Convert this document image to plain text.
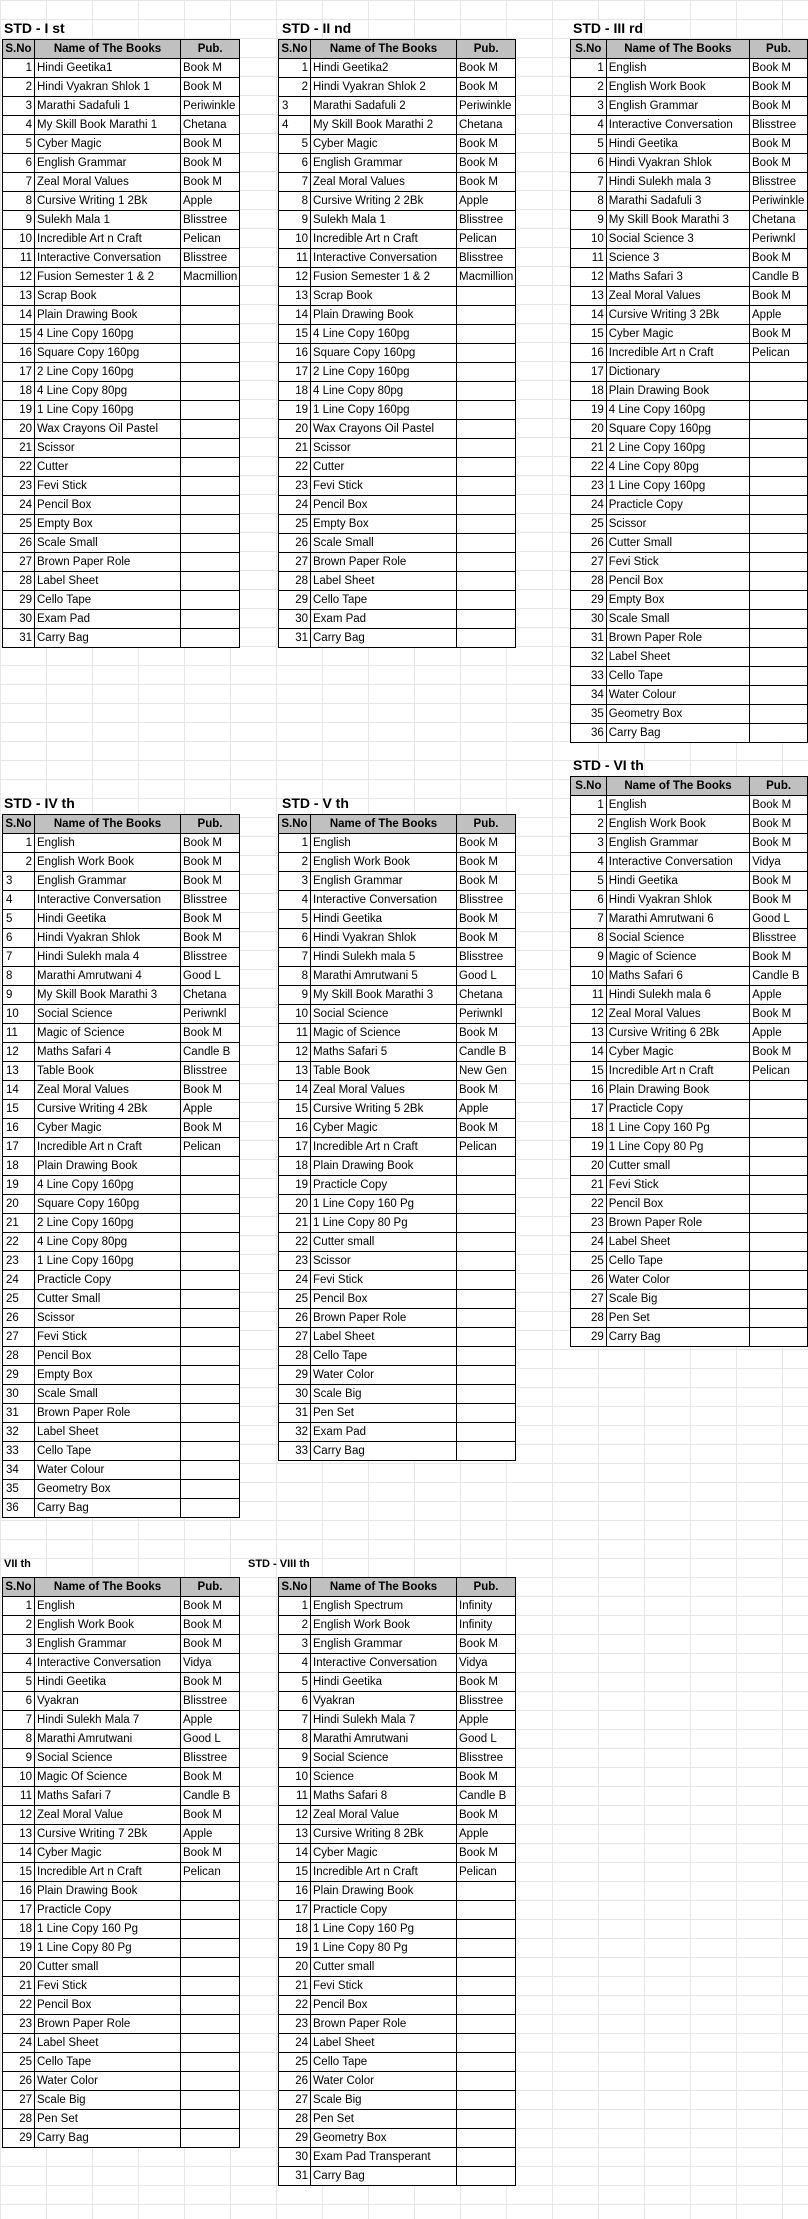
STD - I st
S.No	Name of The Books	Pub.
1	Hindi Geetika1	Book M
2	Hindi Vyakran Shlok 1	Book M
3	Marathi Sadafuli 1	Periwinkle
4	My Skill Book Marathi 1	Chetana
5	Cyber Magic	Book M
6	English Grammar	Book M
7	Zeal Moral Values	Book M
8	Cursive Writing 1 2Bk	Apple
9	Sulekh Mala 1	Blisstree
10	Incredible Art n Craft	Pelican
11	Interactive Conversation	Blisstree
12	Fusion Semester 1 & 2	Macmillion
13	Scrap Book	
14	Plain Drawing Book	
15	4 Line Copy 160pg	
16	Square Copy 160pg	
17	2 Line Copy 160pg	
18	4 Line Copy 80pg	
19	1 Line Copy 160pg	
20	Wax Crayons Oil Pastel	
21	Scissor	
22	Cutter	
23	Fevi Stick	
24	Pencil Box	
25	Empty Box	
26	Scale Small	
27	Brown Paper Role	
28	Label Sheet	
29	Cello Tape	
30	Exam Pad	
31	Carry Bag	
STD - II nd
S.No	Name of The Books	Pub.
1	Hindi Geetika2	Book M
2	Hindi Vyakran Shlok 2	Book M
3	Marathi Sadafuli 2	Periwinkle
4	My Skill Book Marathi 2	Chetana
5	Cyber Magic	Book M
6	English Grammar	Book M
7	Zeal Moral Values	Book M
8	Cursive Writing 2 2Bk	Apple
9	Sulekh Mala 1	Blisstree
10	Incredible Art n Craft	Pelican
11	Interactive Conversation	Blisstree
12	Fusion Semester 1 & 2	Macmillion
13	Scrap Book	
14	Plain Drawing Book	
15	4 Line Copy 160pg	
16	Square Copy 160pg	
17	2 Line Copy 160pg	
18	4 Line Copy 80pg	
19	1 Line Copy 160pg	
20	Wax Crayons Oil Pastel	
21	Scissor	
22	Cutter	
23	Fevi Stick	
24	Pencil Box	
25	Empty Box	
26	Scale Small	
27	Brown Paper Role	
28	Label Sheet	
29	Cello Tape	
30	Exam Pad	
31	Carry Bag	
STD - III rd
S.No	Name of The Books	Pub.
1	English	Book M
2	English Work Book	Book M
3	English Grammar	Book M
4	Interactive Conversation	Blisstree
5	Hindi Geetika	Book M
6	Hindi Vyakran Shlok	Book M
7	Hindi Sulekh mala 3	Blisstree
8	Marathi Sadafuli 3	Periwinkle
9	My Skill Book Marathi 3	Chetana
10	Social Science 3	Periwnkl
11	Science 3	Book M
12	Maths Safari 3	Candle B
13	Zeal Moral Values	Book M
14	Cursive Writing 3 2Bk	Apple
15	Cyber Magic	Book M
16	Incredible Art n Craft	Pelican
17	Dictionary	
18	Plain Drawing Book	
19	4 Line Copy 160pg	
20	Square Copy 160pg	
21	2 Line Copy 160pg	
22	4 Line Copy 80pg	
23	1 Line Copy 160pg	
24	Practicle Copy	
25	Scissor	
26	Cutter Small	
27	Fevi Stick	
28	Pencil Box	
29	Empty Box	
30	Scale Small	
31	Brown Paper Role	
32	Label Sheet	
33	Cello Tape	
34	Water Colour	
35	Geometry Box	
36	Carry Bag	
STD - IV th
S.No	Name of The Books	Pub.
1	English	Book M
2	English Work Book	Book M
3	English Grammar	Book M
4	Interactive Conversation	Blisstree
5	Hindi Geetika	Book M
6	Hindi Vyakran Shlok	Book M
7	Hindi Sulekh mala 4	Blisstree
8	Marathi Amrutwani 4	Good L
9	My Skill Book Marathi 3	Chetana
10	Social Science	Periwnkl
11	Magic of Science	Book M
12	Maths Safari 4	Candle B
13	Table Book	Blisstree
14	Zeal Moral Values	Book M
15	Cursive Writing 4 2Bk	Apple
16	Cyber Magic	Book M
17	Incredible Art n Craft	Pelican
18	Plain Drawing Book	
19	4 Line Copy 160pg	
20	Square Copy 160pg	
21	2 Line Copy 160pg	
22	4 Line Copy 80pg	
23	1 Line Copy 160pg	
24	Practicle Copy	
25	Cutter Small	
26	Scissor	
27	Fevi Stick	
28	Pencil Box	
29	Empty Box	
30	Scale Small	
31	Brown Paper Role	
32	Label Sheet	
33	Cello Tape	
34	Water Colour	
35	Geometry Box	
36	Carry Bag	
STD - V th
S.No	Name of The Books	Pub.
1	English	Book M
2	English Work Book	Book M
3	English Grammar	Book M
4	Interactive Conversation	Blisstree
5	Hindi Geetika	Book M
6	Hindi Vyakran Shlok	Book M
7	Hindi Sulekh mala 5	Blisstree
8	Marathi Amrutwani 5	Good L
9	My Skill Book Marathi 3	Chetana
10	Social Science	Periwnkl
11	Magic of Science	Book M
12	Maths Safari 5	Candle B
13	Table Book	New Gen
14	Zeal Moral Values	Book M
15	Cursive Writing 5 2Bk	Apple
16	Cyber Magic	Book M
17	Incredible Art n Craft	Pelican
18	Plain Drawing Book	
19	Practicle Copy	
20	1 Line Copy 160 Pg	
21	1 Line Copy 80 Pg	
22	Cutter small	
23	Scissor	
24	Fevi Stick	
25	Pencil Box	
26	Brown Paper Role	
27	Label Sheet	
28	Cello Tape	
29	Water Color	
30	Scale Big	
31	Pen Set	
32	Exam Pad	
33	Carry Bag	
STD - VI th
S.No	Name of The Books	Pub.
1	English	Book M
2	English Work Book	Book M
3	English Grammar	Book M
4	Interactive Conversation	Vidya
5	Hindi Geetika	Book M
6	Hindi Vyakran Shlok	Book M
7	Marathi Amrutwani 6	Good L
8	Social Science	Blisstree
9	Magic of Science	Book M
10	Maths Safari 6	Candle B
11	Hindi Sulekh mala 6	Apple
12	Zeal Moral Values	Book M
13	Cursive Writing 6 2Bk	Apple
14	Cyber Magic	Book M
15	Incredible Art n Craft	Pelican
16	Plain Drawing Book	
17	Practicle Copy	
18	1 Line Copy 160 Pg	
19	1 Line Copy 80 Pg	
20	Cutter small	
21	Fevi Stick	
22	Pencil Box	
23	Brown Paper Role	
24	Label Sheet	
25	Cello Tape	
26	Water Color	
27	Scale Big	
28	Pen Set	
29	Carry Bag	
VII th
S.No	Name of The Books	Pub.
1	English	Book M
2	English Work Book	Book M
3	English Grammar	Book M
4	Interactive Conversation	Vidya
5	Hindi Geetika	Book M
6	Vyakran	Blisstree
7	Hindi Sulekh Mala 7	Apple
8	Marathi Amrutwani	Good L
9	Social Science	Blisstree
10	Magic Of Science	Book M
11	Maths Safari 7	Candle B
12	Zeal Moral Value	Book M
13	Cursive Writing 7 2Bk	Apple
14	Cyber Magic	Book M
15	Incredible Art n Craft	Pelican
16	Plain Drawing Book	
17	Practicle Copy	
18	1 Line Copy 160 Pg	
19	1 Line Copy 80 Pg	
20	Cutter small	
21	Fevi Stick	
22	Pencil Box	
23	Brown Paper Role	
24	Label Sheet	
25	Cello Tape	
26	Water Color	
27	Scale Big	
28	Pen Set	
29	Carry Bag	
STD - VIII th
S.No	Name of The Books	Pub.
1	English Spectrum	Infinity
2	English Work Book	Infinity
3	English Grammar	Book M
4	Interactive Conversation	Vidya
5	Hindi Geetika	Book M
6	Vyakran	Blisstree
7	Hindi Sulekh Mala 7	Apple
8	Marathi Amrutwani	Good L
9	Social Science	Blisstree
10	Science	Book M
11	Maths Safari 8	Candle B
12	Zeal Moral Value	Book M
13	Cursive Writing 8 2Bk	Apple
14	Cyber Magic	Book M
15	Incredible Art n Craft	Pelican
16	Plain Drawing Book	
17	Practicle Copy	
18	1 Line Copy 160 Pg	
19	1 Line Copy 80 Pg	
20	Cutter small	
21	Fevi Stick	
22	Pencil Box	
23	Brown Paper Role	
24	Label Sheet	
25	Cello Tape	
26	Water Color	
27	Scale Big	
28	Pen Set	
29	Geometry Box	
30	Exam Pad Transperant	
31	Carry Bag	
